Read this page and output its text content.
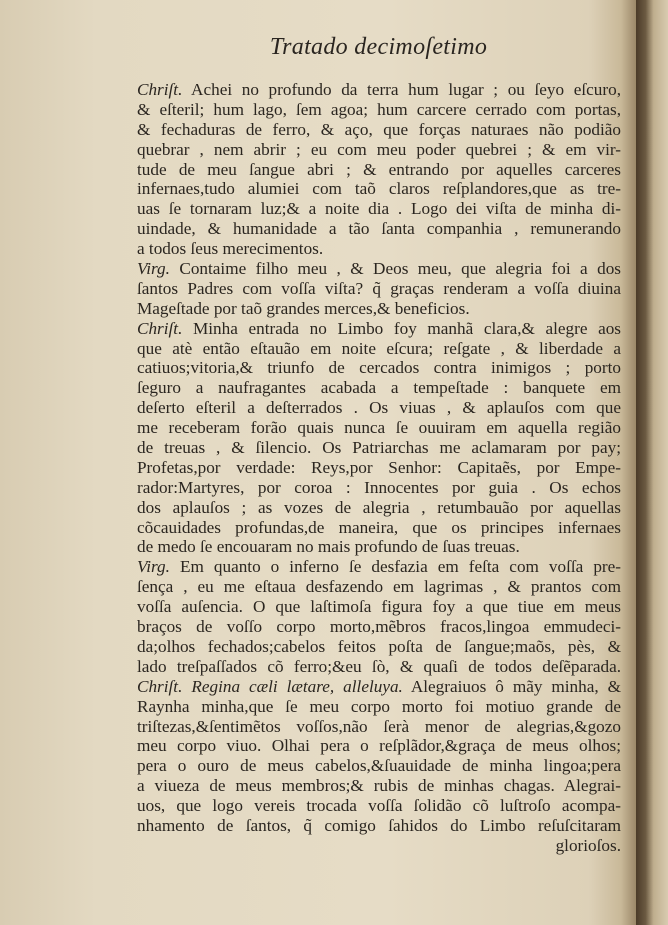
Tratado decimoſetimo
Chriſt. Achei no profundo da terra hum lugar ; ou ſeyo eſcuro,
& eſteril; hum lago, ſem agoa; hum carcere cerrado com portas,
& fechaduras de ferro, & aço, que forças naturaes não podião
quebrar , nem abrir ; eu com meu poder quebrei ; & em vir-
tude de meu ſangue abri ; & entrando por aquelles carceres
infernaes,tudo alumiei com taõ claros reſplandores,que as tre-
uas ſe tornaram luz;& a noite dia . Logo dei viſta de minha di-
uindade, & humanidade a tão ſanta companhia , remunerando
a todos ſeus merecimentos.
Virg. Contaime filho meu , & Deos meu, que alegria foi a dos
ſantos Padres com voſſa viſta? q̃ graças renderam a voſſa diuina
Mageſtade por taõ grandes merces,& beneficios.
Chriſt. Minha entrada no Limbo foy manhã clara,& alegre aos
que atè então eſtauão em noite eſcura; reſgate , & liberdade a
catiuos;vitoria,& triunfo de cercados contra inimigos ; porto
ſeguro a naufragantes acabada a tempeſtade : banquete em
deſerto eſteril a deſterrados . Os viuas , & aplauſos com que
me receberam forão quais nunca ſe ouuiram em aquella região
de treuas , & ſilencio. Os Patriarchas me aclamaram por pay;
Profetas,por verdade: Reys,por Senhor: Capitaẽs, por Empe-
rador:Martyres, por coroa : Innocentes por guia . Os echos
dos aplauſos ; as vozes de alegria , retumbauão por aquellas
cõcauidades profundas,de maneira, que os principes infernaes
de medo ſe encouaram no mais profundo de ſuas treuas.
Virg. Em quanto o inferno ſe desfazia em feſta com voſſa pre-
ſença , eu me eſtaua desfazendo em lagrimas , & prantos com
voſſa auſencia. O que laſtimoſa figura foy a que tiue em meus
braços de voſſo corpo morto,mẽbros fracos,lingoa emmudeci-
da;olhos fechados;cabelos feitos poſta de ſangue;maõs, pès, &
lado treſpaſſados cõ ferro;&eu ſò, & quaſi de todos deſẽparada.
Chriſt. Regina cæli lætare, alleluya. Alegraiuos ô mãy minha, &
Raynha minha,que ſe meu corpo morto foi motiuo grande de
triſtezas,&ſentimẽtos voſſos,não ſerà menor de alegrias,&gozo
meu corpo viuo. Olhai pera o reſplãdor,&graça de meus olhos;
pera o ouro de meus cabelos,&ſuauidade de minha lingoa;pera
a viueza de meus membros;& rubis de minhas chagas. Alegrai-
uos, que logo vereis trocada voſſa ſolidão cõ luſtroſo acompa-
nhamento de ſantos, q̃ comigo ſahidos do Limbo reſuſcitaram
glorioſos.
